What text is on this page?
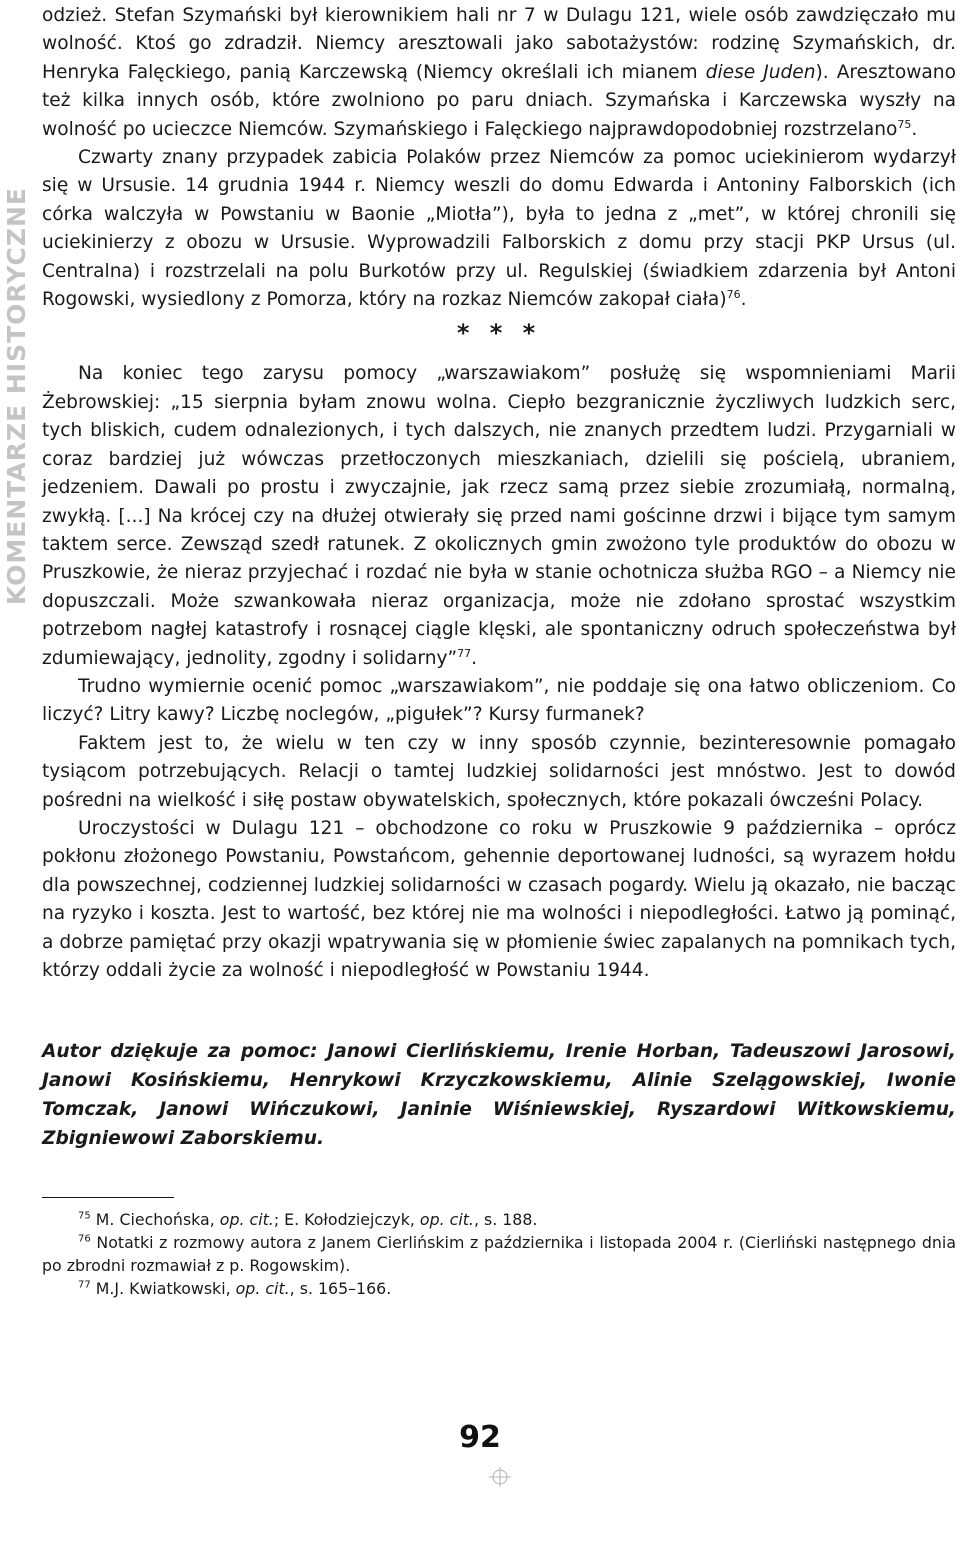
KOMENTARZE HISTORYCZNE

odzież. Stefan Szymański był kierownikiem hali nr 7 w Dulagu 121, wiele osób zawdzięczało mu wolność. Ktoś go zdradził. Niemcy aresztowali jako sabotażystów: rodzinę Szymańskich, dr. Henryka Falęckiego, panią Karczewską (Niemcy określali ich mianem diese Juden). Aresztowano też kilka innych osób, które zwolniono po paru dniach. Szymańska i Karczewska wyszły na wolność po ucieczce Niemców. Szymańskiego i Falęckiego najprawdopodobniej rozstrzelano$^{75}$.

Czwarty znany przypadek zabicia Polaków przez Niemców za pomoc uciekinierom wydarzył się w Ursusie. 14 grudnia 1944 r. Niemcy weszli do domu Edwarda i Antoniny Falborskich (ich córka walczyła w Powstaniu w Baonie „Miotła”), była to jedna z „met”, w której chronili się uciekinierzy z obozu w Ursusie. Wyprowadzili Falborskich z domu przy stacji PKP Ursus (ul. Centralna) i rozstrzelali na polu Burkotów przy ul. Regulskiej (świadkiem zdarzenia był Antoni Rogowski, wysiedlony z Pomorza, który na rozkaz Niemców zakopał ciała)$^{76}$.

* * *

Na koniec tego zarysu pomocy „warszawiakom” posłużę się wspomnieniami Marii Żebrowskiej: „15 sierpnia byłam znowu wolna. Ciepło bezgranicznie życzliwych ludzkich serc, tych bliskich, cudem odnalezionych, i tych dalszych, nie znanych przedtem ludzi. Przygarniali w coraz bardziej już wówczas przetłoczonych mieszkaniach, dzielili się pościelą, ubraniem, jedzeniem. Dawali po prostu i zwyczajnie, jak rzecz samą przez siebie zrozumiałą, normalną, zwykłą. [...] Na krócej czy na dłużej otwierały się przed nami gościnne drzwi i bijące tym samym taktem serce. Zewsząd szedł ratunek. Z okolicznych gmin zwożono tyle produktów do obozu w Pruszkowie, że nieraz przyjechać i rozdać nie była w stanie ochotnicza służba RGO – a Niemcy nie dopuszczali. Może szwankowała nieraz organizacja, może nie zdołano sprostać wszystkim potrzebom nagłej katastrofy i rosnącej ciągle klęski, ale spontaniczny odruch społeczeństwa był zdumiewający, jednolity, zgodny i solidarny”$^{77}$.

Trudno wymiernie ocenić pomoc „warszawiakom”, nie poddaje się ona łatwo obliczeniom. Co liczyć? Litry kawy? Liczbę noclegów, „pigułek”? Kursy furmanek?

Faktem jest to, że wielu w ten czy w inny sposób czynnie, bezinteresownie pomagało tysiącom potrzebujących. Relacji o tamtej ludzkiej solidarności jest mnóstwo. Jest to dowód pośredni na wielkość i siłę postaw obywatelskich, społecznych, które pokazali ówcześni Polacy.

Uroczystości w Dulagu 121 – obchodzone co roku w Pruszkowie 9 października – oprócz pokłonu złożonego Powstaniu, Powstańcom, gehennie deportowanej ludności, są wyrazem hołdu dla powszechnej, codziennej ludzkiej solidarności w czasach pogardy. Wielu ją okazało, nie bacząc na ryzyko i koszta. Jest to wartość, bez której nie ma wolności i niepodległości. Łatwo ją pominąć, a dobrze pamiętać przy okazji wpatrywania się w płomienie świec zapalanych na pomnikach tych, którzy oddali życie za wolność i niepodległość w Powstaniu 1944.

Autor dziękuje za pomoc: Janowi Cierlińskiemu, Irenie Horban, Tadeuszowi Jarosowi, Janowi Kosińskiemu, Henrykowi Krzyczkowskiemu, Alinie Szelągowskiej, Iwonie Tomczak, Janowi Wińczukowi, Janinie Wiśniewskiej, Ryszardowi Witkowskiemu, Zbigniewowi Zaborskiemu.

$^{75}$ M. Ciechońska, op. cit.; E. Kołodziejczyk, op. cit., s. 188.

$^{76}$ Notatki z rozmowy autora z Janem Cierlińskim z października i listopada 2004 r. (Cierliński następnego dnia po zbrodni rozmawiał z p. Rogowskim).

$^{77}$ M.J. Kwiatkowski, op. cit., s. 165–166.

92
